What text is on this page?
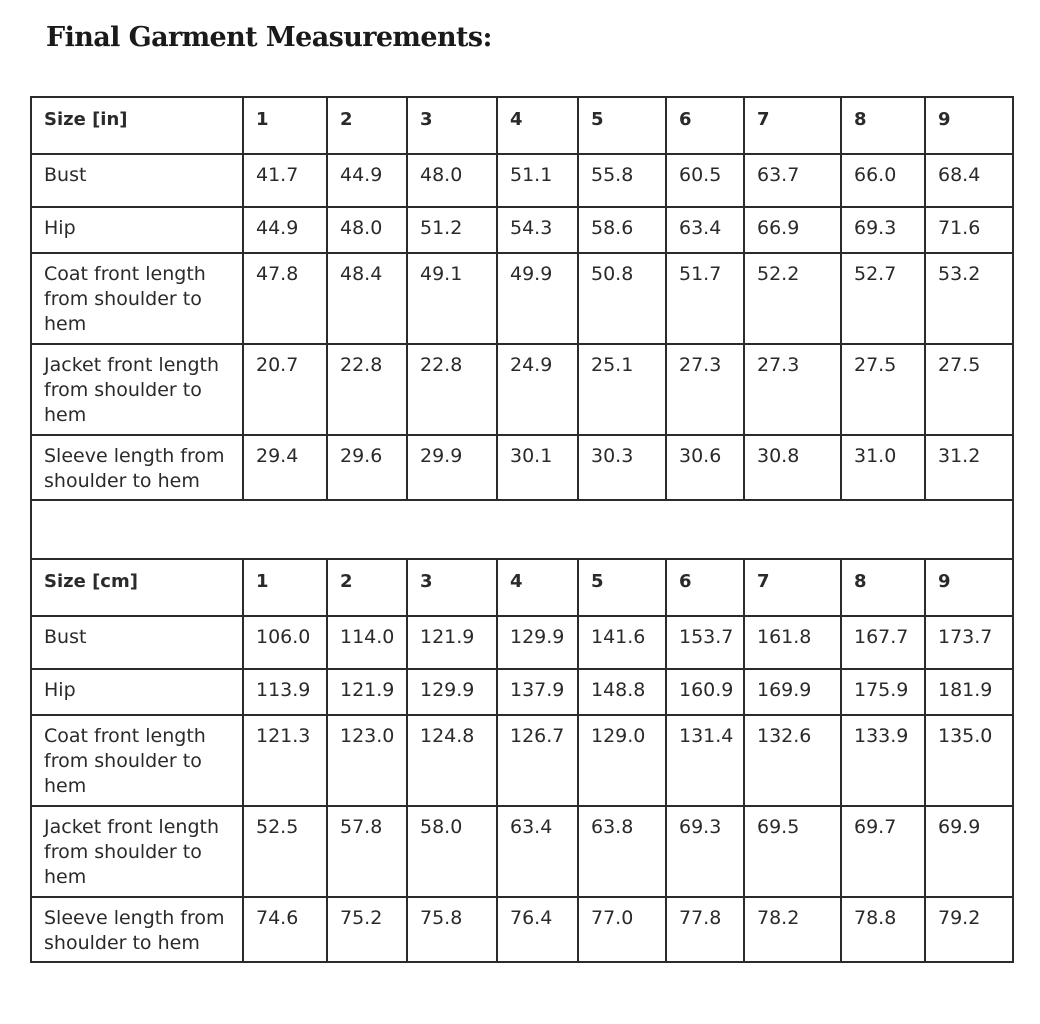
Final Garment Measurements:
Size [in]	1	2	3	4	5	6	7	8	9

Bust	41.7	44.9	48.0	51.1	55.8	60.5	63.7	66.0	68.4

Hip	44.9	48.0	51.2	54.3	58.6	63.4	66.9	69.3	71.6

Coat front length from shoulder to hem	47.8	48.4	49.1	49.9	50.8	51.7	52.2	52.7	53.2

Jacket front length from shoulder to hem	20.7	22.8	22.8	24.9	25.1	27.3	27.3	27.5	27.5

Sleeve length from shoulder to hem	29.4	29.6	29.9	30.1	30.3	30.6	30.8	31.0	31.2

Size [cm]	1	2	3	4	5	6	7	8	9

Bust	106.0	114.0	121.9	129.9	141.6	153.7	161.8	167.7	173.7

Hip	113.9	121.9	129.9	137.9	148.8	160.9	169.9	175.9	181.9

Coat front length from shoulder to hem	121.3	123.0	124.8	126.7	129.0	131.4	132.6	133.9	135.0

Jacket front length from shoulder to hem	52.5	57.8	58.0	63.4	63.8	69.3	69.5	69.7	69.9

Sleeve length from shoulder to hem	74.6	75.2	75.8	76.4	77.0	77.8	78.2	78.8	79.2
